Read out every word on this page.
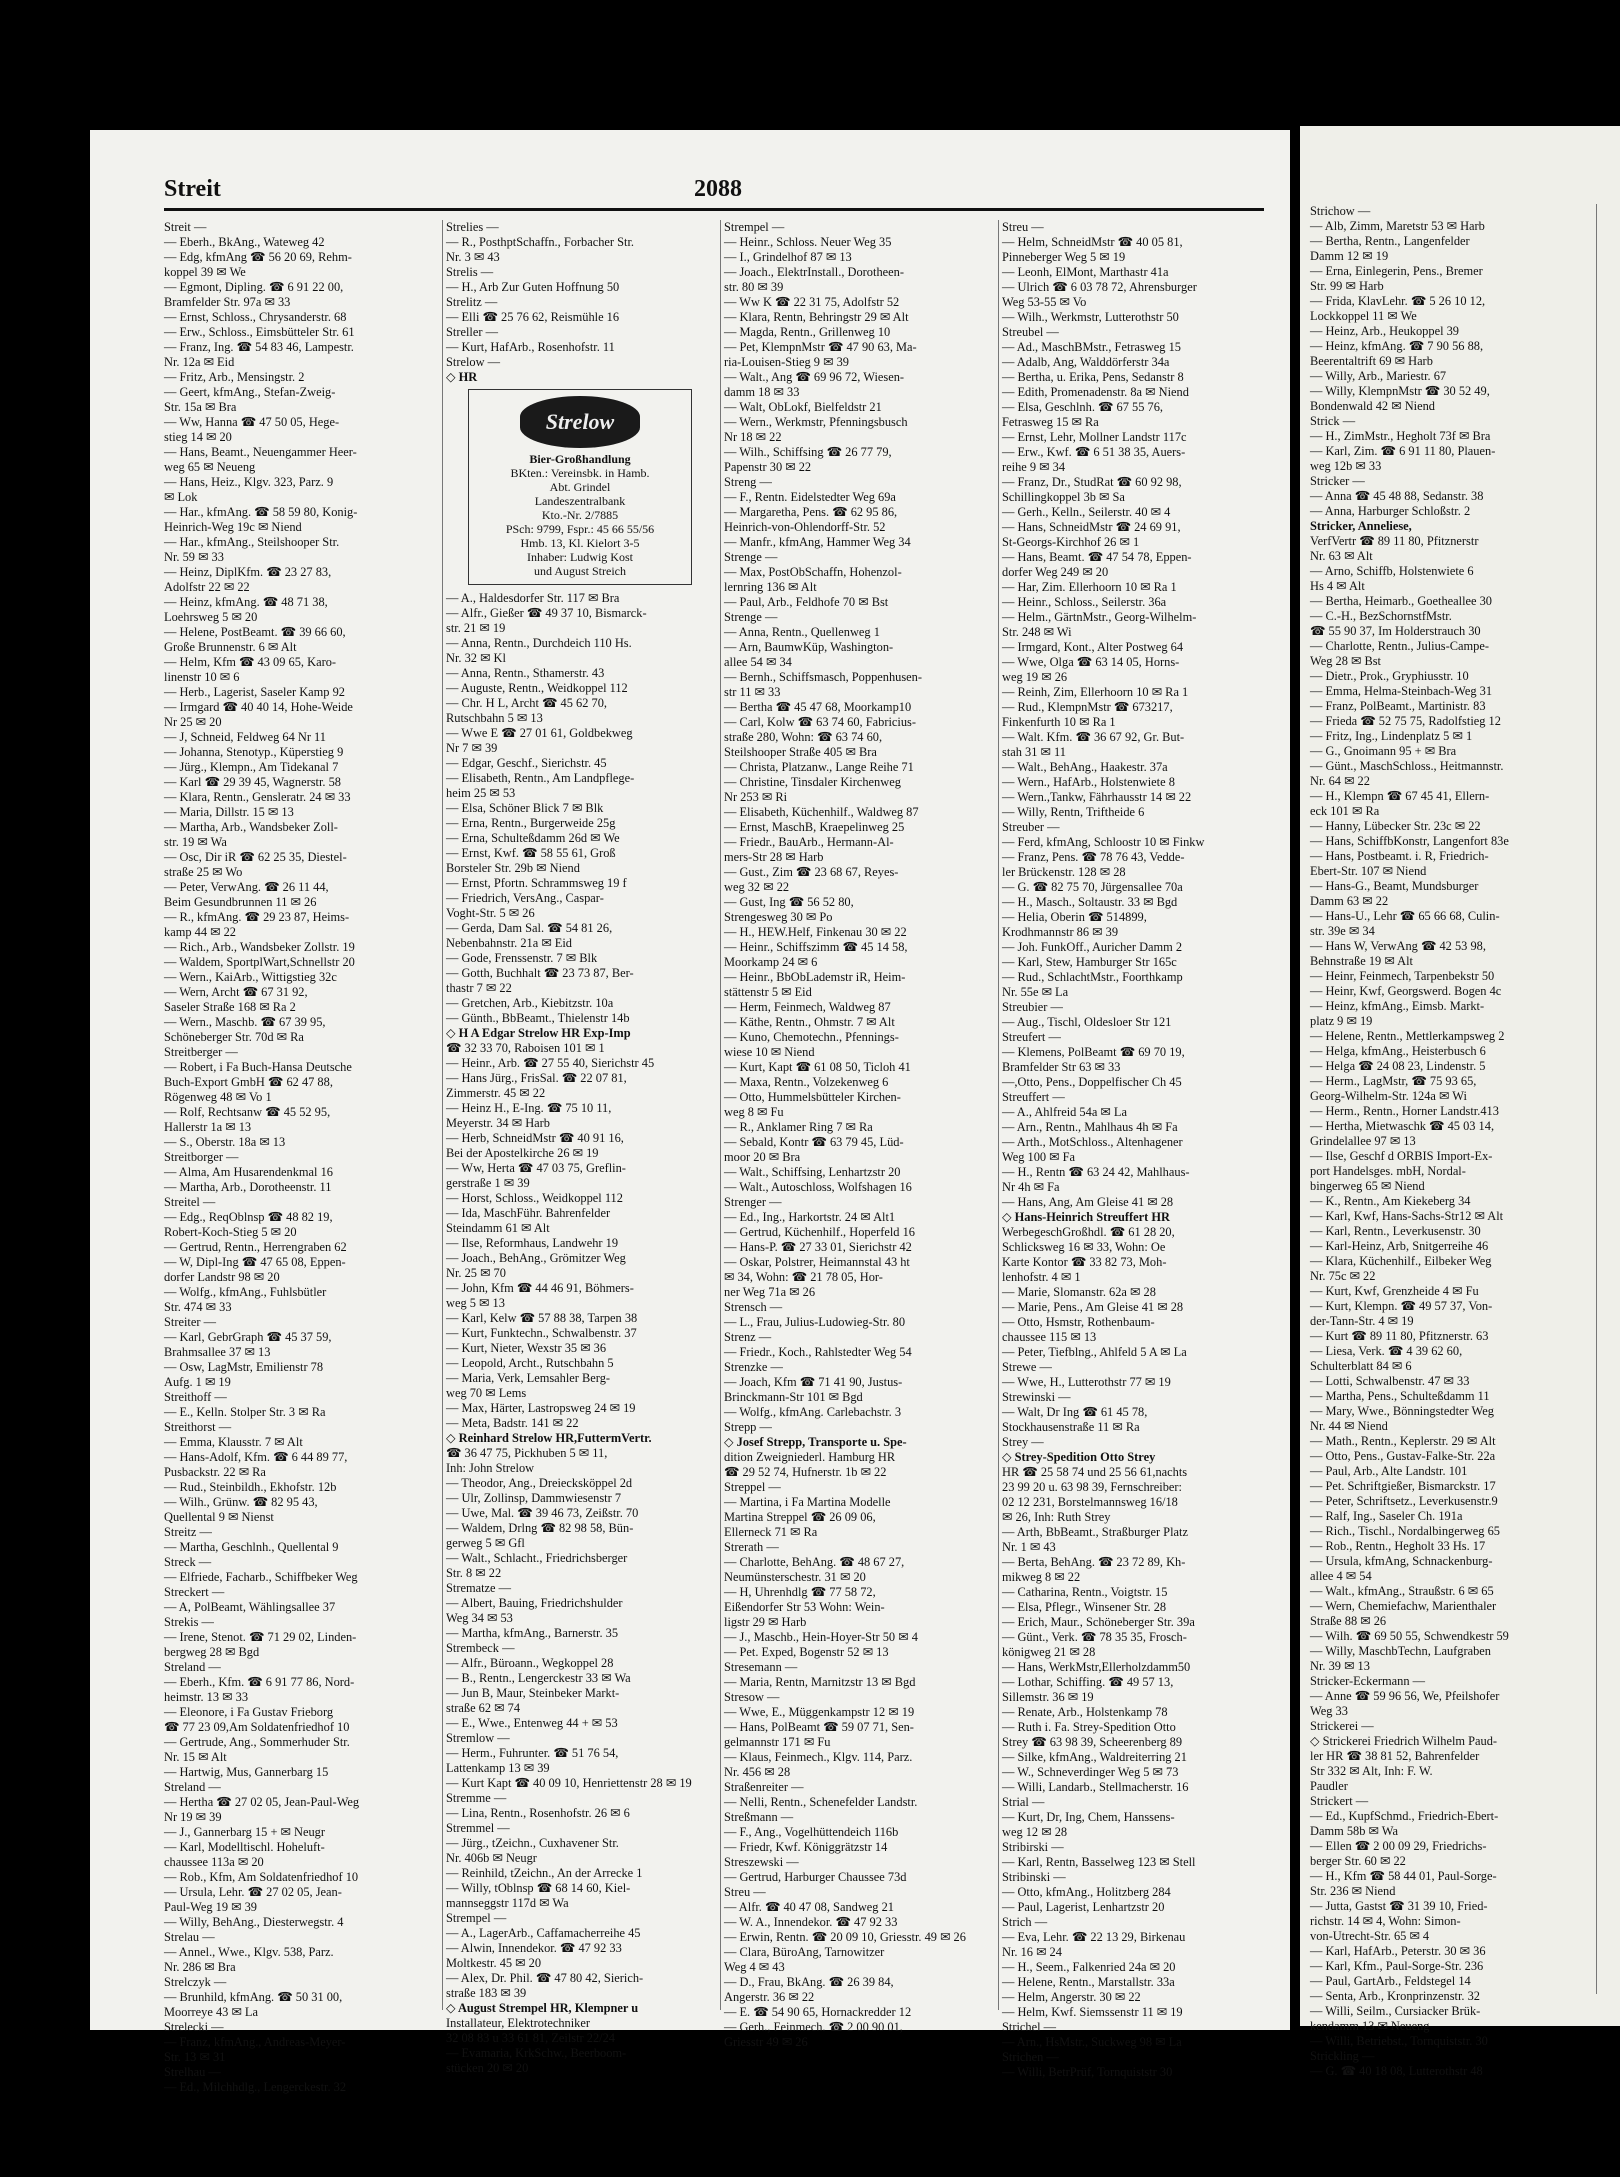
Streit	2088
Streit —
— Eberh., BkAng., Wateweg 42
— Edg, kfmAng ☎ 56 20 69, Rehm-
koppel 39 ✉ We
— Egmont, Dipling. ☎ 6 91 22 00,
Bramfelder Str. 97a ✉ 33
— Ernst, Schloss., Chrysanderstr. 68
— Erw., Schloss., Eimsbütteler Str. 61
— Franz, Ing. ☎ 54 83 46, Lampestr.
Nr. 12a ✉ Eid
— Fritz, Arb., Mensingstr. 2
— Geert, kfmAng., Stefan-Zweig-
Str. 15a ✉ Bra
— Ww, Hanna ☎ 47 50 05, Hege-
stieg 14 ✉ 20
— Hans, Beamt., Neuengammer Heer-
weg 65 ✉ Neueng
— Hans, Heiz., Klgv. 323, Parz. 9
✉ Lok
— Har., kfmAng. ☎ 58 59 80, Konig-
Heinrich-Weg 19c ✉ Niend
— Har., kfmAng., Steilshooper Str.
Nr. 59 ✉ 33
— Heinz, DiplKfm. ☎ 23 27 83,
Adolfstr 22 ✉ 22
— Heinz, kfmAng. ☎ 48 71 38,
Loehrsweg 5 ✉ 20
— Helene, PostBeamt. ☎ 39 66 60,
Große Brunnenstr. 6 ✉ Alt
— Helm, Kfm ☎ 43 09 65, Karo-
linenstr 10 ✉ 6
— Herb., Lagerist, Saseler Kamp 92
— Irmgard ☎ 40 40 14, Hohe-Weide
Nr 25 ✉ 20
— J, Schneid, Feldweg 64 Nr 11
— Johanna, Stenotyp., Küperstieg 9
— Jürg., Klempn., Am Tidekanal 7
— Karl ☎ 29 39 45, Wagnerstr. 58
— Klara, Rentn., Gensleratr. 24 ✉ 33
— Maria, Dillstr. 15 ✉ 13
— Martha, Arb., Wandsbeker Zoll-
str. 19 ✉ Wa
— Osc, Dir iR ☎ 62 25 35, Diestel-
straße 25 ✉ Wo
— Peter, VerwAng. ☎ 26 11 44,
Beim Gesundbrunnen 11 ✉ 26
— R., kfmAng. ☎ 29 23 87, Heims-
kamp 44 ✉ 22
— Rich., Arb., Wandsbeker Zollstr. 19
— Waldem, SportplWart,Schnellstr 20
— Wern., KaiArb., Wittigstieg 32c
— Wern, Archt ☎ 67 31 92,
Saseler Straße 168 ✉ Ra 2
— Wern., Maschb. ☎ 67 39 95,
Schöneberger Str. 70d ✉ Ra
Streitberger —
— Robert, i Fa Buch-Hansa Deutsche
Buch-Export GmbH ☎ 62 47 88,
Rögenweg 48 ✉ Vo 1
— Rolf, Rechtsanw ☎ 45 52 95,
Hallerstr 1a ✉ 13
— S., Oberstr. 18a ✉ 13
Streitborger —
— Alma, Am Husarendenkmal 16
— Martha, Arb., Dorotheenstr. 11
Streitel —
— Edg., ReqOblnsp ☎ 48 82 19,
Robert-Koch-Stieg 5 ✉ 20
— Gertrud, Rentn., Herrengraben 62
— W, Dipl-Ing ☎ 47 65 08, Eppen-
dorfer Landstr 98 ✉ 20
— Wolfg., kfmAng., Fuhlsbütler
Str. 474 ✉ 33
Streiter —
— Karl, GebrGraph ☎ 45 37 59,
Brahmsallee 37 ✉ 13
— Osw, LagMstr, Emilienstr 78
Aufg. 1 ✉ 19
Streithoff —
— E., Kelln. Stolper Str. 3 ✉ Ra
Streithorst —
— Emma, Klausstr. 7 ✉ Alt
— Hans-Adolf, Kfm. ☎ 6 44 89 77,
Pusbackstr. 22 ✉ Ra
— Rud., Steinbildh., Ekhofstr. 12b
— Wilh., Grünw. ☎ 82 95 43,
Quellental 9 ✉ Nienst
Streitz —
— Martha, Geschlnh., Quellental 9
Streck —
— Elfriede, Facharb., Schiffbeker Weg
Streckert —
— A, PolBeamt, Wählingsallee 37
Strekis —
— Irene, Stenot. ☎ 71 29 02, Linden-
bergweg 28 ✉ Bgd
Streland —
— Eberh., Kfm. ☎ 6 91 77 86, Nord-
heimstr. 13 ✉ 33
— Eleonore, i Fa Gustav Frieborg
☎ 77 23 09,Am Soldatenfriedhof 10
— Gertrude, Ang., Sommerhuder Str.
Nr. 15 ✉ Alt
— Hartwig, Mus, Gannerbarg 15
Streland —
— Hertha ☎ 27 02 05, Jean-Paul-Weg
Nr 19 ✉ 39
— J., Gannerbarg 15 + ✉ Neugr
— Karl, Modelltischl. Hoheluft-
chaussee 113a ✉ 20
— Rob., Kfm, Am Soldatenfriedhof 10
— Ursula, Lehr. ☎ 27 02 05, Jean-
Paul-Weg 19 ✉ 39
— Willy, BehAng., Diesterwegstr. 4
Strelau —
— Annel., Wwe., Klgv. 538, Parz.
Nr. 286 ✉ Bra
Strelczyk —
— Brunhild, kfmAng. ☎ 50 31 00,
Moorreye 43 ✉ La
Strelecki —
— Franz, kfmAng., Andreas-Meyer-
Str. 13 ✉ 31
Strelhau —
— Ed., Milchhdlg., Lengerckestr. 32
Strelies —
— R., PosthptSchaffn., Forbacher Str.
Nr. 3 ✉ 43
Strelis —
— H., Arb Zur Guten Hoffnung 50
Strelitz —
— Elli ☎ 25 76 62, Reismühle 16
Streller —
— Kurt, HafArb., Rosenhofstr. 11
Strelow —
◇ HR
Strelow
Bier-Großhandlung
BKten.: Vereinsbk. in Hamb.
Abt. Grindel
Landeszentralbank
Kto.-Nr. 2/7885
PSch: 9799, Fspr.: 45 66 55/56
Hmb. 13, Kl. Kielort 3-5
Inhaber: Ludwig Kost
und August Streich
— A., Haldesdorfer Str. 117 ✉ Bra
— Alfr., Gießer ☎ 49 37 10, Bismarck-
str. 21 ✉ 19
— Anna, Rentn., Durchdeich 110 Hs.
Nr. 32 ✉ Kl
— Anna, Rentn., Sthamerstr. 43
— Auguste, Rentn., Weidkoppel 112
— Chr. H L, Archt ☎ 45 62 70,
Rutschbahn 5 ✉ 13
— Wwe E ☎ 27 01 61, Goldbekweg
Nr 7 ✉ 39
— Edgar, Geschf., Sierichstr. 45
— Elisabeth, Rentn., Am Landpflege-
heim 25 ✉ 53
— Elsa, Schöner Blick 7 ✉ Blk
— Erna, Rentn., Burgerweide 25g
— Erna, Schulteßdamm 26d ✉ We
— Ernst, Kwf. ☎ 58 55 61, Groß
Borsteler Str. 29b ✉ Niend
— Ernst, Pfortn. Schrammsweg 19 f
— Friedrich, VersAng., Caspar-
Voght-Str. 5 ✉ 26
— Gerda, Dam Sal. ☎ 54 81 26,
Nebenbahnstr. 21a ✉ Eid
— Gode, Frenssenstr. 7 ✉ Blk
— Gotth, Buchhalt ☎ 23 73 87, Ber-
thastr 7 ✉ 22
— Gretchen, Arb., Kiebitzstr. 10a
— Günth., BbBeamt., Thielenstr 14b
◇ H A Edgar Strelow HR Exp-Imp
☎ 32 33 70, Raboisen 101 ✉ 1
— Heinr., Arb. ☎ 27 55 40, Sierichstr 45
— Hans Jürg., FrisSal. ☎ 22 07 81,
Zimmerstr. 45 ✉ 22
— Heinz H., E-Ing. ☎ 75 10 11,
Meyerstr. 34 ✉ Harb
— Herb, SchneidMstr ☎ 40 91 16,
Bei der Apostelkirche 26 ✉ 19
— Ww, Herta ☎ 47 03 75, Greflin-
gerstraße 1 ✉ 39
— Horst, Schloss., Weidkoppel 112
— Ida, MaschFühr. Bahrenfelder
Steindamm 61 ✉ Alt
— Ilse, Reformhaus, Landwehr 19
— Joach., BehAng., Grömitzer Weg
Nr. 25 ✉ 70
— John, Kfm ☎ 44 46 91, Böhmers-
weg 5 ✉ 13
— Karl, Kelw ☎ 57 88 38, Tarpen 38
— Kurt, Funktechn., Schwalbenstr. 37
— Kurt, Nieter, Wexstr 35 ✉ 36
— Leopold, Archt., Rutschbahn 5
— Maria, Verk, Lemsahler Berg-
weg 70 ✉ Lems
— Max, Härter, Lastropsweg 24 ✉ 19
— Meta, Badstr. 141 ✉ 22
◇ Reinhard Strelow HR,FuttermVertr.
☎ 36 47 75, Pickhuben 5 ✉ 11,
Inh: John Strelow
— Theodor, Ang., Dreiecksköppel 2d
— Ulr, Zollinsp, Dammwiesenstr 7
— Uwe, Mal. ☎ 39 46 73, Zeißstr. 70
— Waldem, Drlng ☎ 82 98 58, Bün-
gerweg 5 ✉ Gfl
— Walt., Schlacht., Friedrichsberger
Str. 8 ✉ 22
Strematze —
— Albert, Bauing, Friedrichshulder
Weg 34 ✉ 53
— Martha, kfmAng., Barnerstr. 35
Strembeck —
— Alfr., Büroann., Wegkoppel 28
— B., Rentn., Lengerckestr 33 ✉ Wa
— Jun B, Maur, Steinbeker Markt-
straße 62 ✉ 74
— E., Wwe., Entenweg 44 + ✉ 53
Stremlow —
— Herm., Fuhrunter. ☎ 51 76 54,
Lattenkamp 13 ✉ 39
— Kurt Kapt ☎ 40 09 10, Henriettenstr 28 ✉ 19
Stremme —
— Lina, Rentn., Rosenhofstr. 26 ✉ 6
Stremmel —
— Jürg., tZeichn., Cuxhavener Str.
Nr. 406b ✉ Neugr
— Reinhild, tZeichn., An der Arrecke 1
— Willy, tOblnsp ☎ 68 14 60, Kiel-
mannseggstr 117d ✉ Wa
Strempel —
— A., LagerArb., Caffamacherreihe 45
— Alwin, Innendekor. ☎ 47 92 33
Moltkestr. 45 ✉ 20
— Alex, Dr. Phil. ☎ 47 80 42, Sierich-
straße 183 ✉ 39
◇ August Strempel HR, Klempner u
Installateur, Elektrotechniker
32 08 83 u 33 61 81, Zeilstr 22/24
— Evamaria, KrkSchw., Beerboom-
stücken 20 ✉ 20
Strempel —
— Heinr., Schloss. Neuer Weg 35
— I., Grindelhof 87 ✉ 13
— Joach., ElektrInstall., Dorotheen-
str. 80 ✉ 39
— Ww K ☎ 22 31 75, Adolfstr 52
— Klara, Rentn, Behringstr 29 ✉ Alt
— Magda, Rentn., Grillenweg 10
— Pet, KlempnMstr ☎ 47 90 63, Ma-
ria-Louisen-Stieg 9 ✉ 39
— Walt., Ang ☎ 69 96 72, Wiesen-
damm 18 ✉ 33
— Walt, ObLokf, Bielfeldstr 21
— Wern., Werkmstr, Pfenningsbusch
Nr 18 ✉ 22
— Wilh., Schiffsing ☎ 26 77 79,
Papenstr 30 ✉ 22
Streng —
— F., Rentn. Eidelstedter Weg 69a
— Margaretha, Pens. ☎ 62 95 86,
Heinrich-von-Ohlendorff-Str. 52
— Manfr., kfmAng, Hammer Weg 34
Strenge —
— Max, PostObSchaffn, Hohenzol-
lernring 136 ✉ Alt
— Paul, Arb., Feldhofe 70 ✉ Bst
Strenge —
— Anna, Rentn., Quellenweg 1
— Arn, BaumwKüp, Washington-
allee 54 ✉ 34
— Bernh., Schiffsmasch, Poppenhusen-
str 11 ✉ 33
— Bertha ☎ 45 47 68, Moorkamp10
— Carl, Kolw ☎ 63 74 60, Fabricius-
straße 280, Wohn: ☎ 63 74 60,
Steilshooper Straße 405 ✉ Bra
— Christa, Platzanw., Lange Reihe 71
— Christine, Tinsdaler Kirchenweg
Nr 253 ✉ Ri
— Elisabeth, Küchenhilf., Waldweg 87
— Ernst, MaschB, Kraepelinweg 25
— Friedr., BauArb., Hermann-Al-
mers-Str 28 ✉ Harb
— Gust., Zim ☎ 23 68 67, Reyes-
weg 32 ✉ 22
— Gust, Ing ☎ 56 52 80,
Strengesweg 30 ✉ Po
— H., HEW.Helf, Finkenau 30 ✉ 22
— Heinr., Schiffszimm ☎ 45 14 58,
Moorkamp 24 ✉ 6
— Heinr., BbObLademstr iR, Heim-
stättenstr 5 ✉ Eid
— Herm, Feinmech, Waldweg 87
— Käthe, Rentn., Ohmstr. 7 ✉ Alt
— Kuno, Chemotechn., Pfennings-
wiese 10 ✉ Niend
— Kurt, Kapt ☎ 61 08 50, Ticloh 41
— Maxa, Rentn., Volzekenweg 6
— Otto, Hummelsbütteler Kirchen-
weg 8 ✉ Fu
— R., Anklamer Ring 7 ✉ Ra
— Sebald, Kontr ☎ 63 79 45, Lüd-
moor 20 ✉ Bra
— Walt., Schiffsing, Lenhartzstr 20
— Walt., Autoschloss, Wolfshagen 16
Strenger —
— Ed., Ing., Harkortstr. 24 ✉ Alt1
— Gertrud, Küchenhilf., Hoperfeld 16
— Hans-P. ☎ 27 33 01, Sierichstr 42
— Oskar, Polstrer, Heimannstal 43 ht
✉ 34, Wohn: ☎ 21 78 05, Hor-
ner Weg 71a ✉ 26
Strensch —
— L., Frau, Julius-Ludowieg-Str. 80
Strenz —
— Friedr., Koch., Rahlstedter Weg 54
Strenzke —
— Joach, Kfm ☎ 71 41 90, Justus-
Brinckmann-Str 101 ✉ Bgd
— Wolfg., kfmAng. Carlebachstr. 3
Strepp —
◇ Josef Strepp, Transporte u. Spe-
dition Zweigniederl. Hamburg HR
☎ 29 52 74, Hufnerstr. 1b ✉ 22
Streppel —
— Martina, i Fa Martina Modelle
Martina Streppel ☎ 26 09 06,
Ellerneck 71 ✉ Ra
Strerath —
— Charlotte, BehAng. ☎ 48 67 27,
Neumünsterschestr. 31 ✉ 20
— H, Uhrenhdlg ☎ 77 58 72,
Eißendorfer Str 53 Wohn: Wein-
ligstr 29 ✉ Harb
— J., Maschb., Hein-Hoyer-Str 50 ✉ 4
— Pet. Exped, Bogenstr 52 ✉ 13
Stresemann —
— Maria, Rentn, Marnitzstr 13 ✉ Bgd
Stresow —
— Wwe, E., Müggenkampstr 12 ✉ 19
— Hans, PolBeamt ☎ 59 07 71, Sen-
gelmannstr 171 ✉ Fu
— Klaus, Feinmech., Klgv. 114, Parz.
Nr. 456 ✉ 28
Straßenreiter —
— Nelli, Rentn., Schenefelder Landstr.
Streßmann —
— F., Ang., Vogelhüttendeich 116b
— Friedr, Kwf. Königgrätzstr 14
Streszewski —
— Gertrud, Harburger Chaussee 73d
Streu —
— Alfr. ☎ 40 47 08, Sandweg 21
— W. A., Innendekor. ☎ 47 92 33
— Erwin, Rentn. ☎ 20 09 10, Griesstr. 49 ✉ 26
— Clara, BüroAng, Tarnowitzer
Weg 4 ✉ 43
— D., Frau, BkAng. ☎ 26 39 84,
Angerstr. 36 ✉ 22
— E. ☎ 54 90 65, Hornackredder 12
— Gerh., Feinmech. ☎ 2 00 90 01,
Griesstr 49 ✉ 26
Streu —
— Helm, SchneidMstr ☎ 40 05 81,
Pinneberger Weg 5 ✉ 19
— Leonh, ElMont, Marthastr 41a
— Ulrich ☎ 6 03 78 72, Ahrensburger
Weg 53-55 ✉ Vo
— Wilh., Werkmstr, Lutterothstr 50
Streubel —
— Ad., MaschBMstr., Fetrasweg 15
— Adalb, Ang, Walddörferstr 34a
— Bertha, u. Erika, Pens, Sedanstr 8
— Edith, Promenadenstr. 8a ✉ Niend
— Elsa, Geschlnh. ☎ 67 55 76,
Fetrasweg 15 ✉ Ra
— Ernst, Lehr, Mollner Landstr 117c
— Erw., Kwf. ☎ 6 51 38 35, Auers-
reihe 9 ✉ 34
— Franz, Dr., StudRat ☎ 60 92 98,
Schillingkoppel 3b ✉ Sa
— Gerh., Kelln., Seilerstr. 40 ✉ 4
— Hans, SchneidMstr ☎ 24 69 91,
St-Georgs-Kirchhof 26 ✉ 1
— Hans, Beamt. ☎ 47 54 78, Eppen-
dorfer Weg 249 ✉ 20
— Har, Zim. Ellerhoorn 10 ✉ Ra 1
— Heinr., Schloss., Seilerstr. 36a
— Helm., GärtnMstr., Georg-Wilhelm-
Str. 248 ✉ Wi
— Irmgard, Kont., Alter Postweg 64
— Wwe, Olga ☎ 63 14 05, Horns-
weg 19 ✉ 26
— Reinh, Zim, Ellerhoorn 10 ✉ Ra 1
— Rud., KlempnMstr ☎ 673217,
Finkenfurth 10 ✉ Ra 1
— Walt. Kfm. ☎ 36 67 92, Gr. But-
stah 31 ✉ 11
— Walt., BehAng., Haakestr. 37a
— Wern., HafArb., Holstenwiete 8
— Wern.,Tankw, Fährhausstr 14 ✉ 22
— Willy, Rentn, Triftheide 6
Streuber —
— Ferd, kfmAng, Schloostr 10 ✉ Finkw
— Franz, Pens. ☎ 78 76 43, Vedde-
ler Brückenstr. 128 ✉ 28
— G. ☎ 82 75 70, Jürgensallee 70a
— H., Masch., Soltaustr. 33 ✉ Bgd
— Helia, Oberin ☎ 514899,
Krodhmannstr 86 ✉ 39
— Joh. FunkOff., Auricher Damm 2
— Karl, Stew, Hamburger Str 165c
— Rud., SchlachtMstr., Foorthkamp
Nr. 55e ✉ La
Streubier —
— Aug., Tischl, Oldesloer Str 121
Streufert —
— Klemens, PolBeamt ☎ 69 70 19,
Bramfelder Str 63 ✉ 33
—,Otto, Pens., Doppelfischer Ch 45
Streuffert —
— A., Ahlfreid 54a ✉ La
— Arn., Rentn., Mahlhaus 4h ✉ Fa
— Arth., MotSchloss., Altenhagener
Weg 100 ✉ Fa
— H., Rentn ☎ 63 24 42, Mahlhaus-
Nr 4h ✉ Fa
— Hans, Ang, Am Gleise 41 ✉ 28
◇ Hans-Heinrich Streuffert HR
WerbegeschGroßhdl. ☎ 61 28 20,
Schlicksweg 16 ✉ 33, Wohn: Oe
Karte Kontor ☎ 33 82 73, Moh-
lenhofstr. 4 ✉ 1
— Marie, Slomanstr. 62a ✉ 28
— Marie, Pens., Am Gleise 41 ✉ 28
— Otto, Hsmstr, Rothenbaum-
chaussee 115 ✉ 13
— Peter, Tiefblng., Ahlfeld 5 A ✉ La
Strewe —
— Wwe, H., Lutterothstr 77 ✉ 19
Strewinski —
— Walt, Dr Ing ☎ 61 45 78,
Stockhausenstraße 11 ✉ Ra
Strey —
◇ Strey-Spedition Otto Strey
HR ☎ 25 58 74 und 25 56 61,nachts
23 99 20 u. 63 98 39, Fernschreiber:
02 12 231, Borstelmannsweg 16/18
✉ 26, Inh: Ruth Strey
— Arth, BbBeamt., Straßburger Platz
Nr. 1 ✉ 43
— Berta, BehAng. ☎ 23 72 89, Kh-
mikweg 8 ✉ 22
— Catharina, Rentn., Voigtstr. 15
— Elsa, Pflegr., Winsener Str. 28
— Erich, Maur., Schöneberger Str. 39a
— Günt., Verk. ☎ 78 35 35, Frosch-
königweg 21 ✉ 28
— Hans, WerkMstr,Ellerholzdamm50
— Lothar, Schiffing. ☎ 49 57 13,
Sillemstr. 36 ✉ 19
— Renate, Arb., Holstenkamp 78
— Ruth i. Fa. Strey-Spedition Otto
Strey ☎ 63 98 39, Scheerenberg 89
— Silke, kfmAng., Waldreiterring 21
— W., Schneverdinger Weg 5 ✉ 73
— Willi, Landarb., Stellmacherstr. 16
Strial —
— Kurt, Dr, Ing, Chem, Hanssens-
weg 12 ✉ 28
Stribirski —
— Karl, Rentn, Basselweg 123 ✉ Stell
Stribinski —
— Otto, kfmAng., Holitzberg 284
— Paul, Lagerist, Lenhartzstr 20
Strich —
— Eva, Lehr. ☎ 22 13 29, Birkenau
Nr. 16 ✉ 24
— H., Seem., Falkenried 24a ✉ 20
— Helene, Rentn., Marstallstr. 33a
— Helm, Angerstr. 30 ✉ 22
— Helm, Kwf. Siemssenstr 11 ✉ 19
Strichel —
— Arn., HsMstr., Suckweg 98 ✉ La
Strichen —
— Willi, BetrPrüf, Tornquiststr 30
Strichow —
— Alb, Zimm, Maretstr 53 ✉ Harb
— Bertha, Rentn., Langenfelder
Damm 12 ✉ 19
— Erna, Einlegerin, Pens., Bremer
Str. 99 ✉ Harb
— Frida, KlavLehr. ☎ 5 26 10 12,
Lockkoppel 11 ✉ We
— Heinz, Arb., Heukoppel 39
— Heinz, kfmAng. ☎ 7 90 56 88,
Beerentaltrift 69 ✉ Harb
— Willy, Arb., Mariestr. 67
— Willy, KlempnMstr ☎ 30 52 49,
Bondenwald 42 ✉ Niend
Strick —
— H., ZimMstr., Hegholt 73f ✉ Bra
— Karl, Zim. ☎ 6 91 11 80, Plauen-
weg 12b ✉ 33
Stricker —
— Anna ☎ 45 48 88, Sedanstr. 38
— Anna, Harburger Schloßstr. 2
Stricker, Anneliese,
VerfVertr ☎ 89 11 80, Pfitznerstr
Nr. 63 ✉ Alt
— Arno, Schiffb, Holstenwiete 6
Hs 4 ✉ Alt
— Bertha, Heimarb., Goetheallee 30
— C.-H., BezSchornstfMstr.
☎ 55 90 37, Im Holderstrauch 30
— Charlotte, Rentn., Julius-Campe-
Weg 28 ✉ Bst
— Dietr., Prok., Gryphiusstr. 10
— Emma, Helma-Steinbach-Weg 31
— Franz, PolBeamt., Martinistr. 83
— Frieda ☎ 52 75 75, Radolfstieg 12
— Fritz, Ing., Lindenplatz 5 ✉ 1
— G., Gnoimann 95 + ✉ Bra
— Günt., MaschSchloss., Heitmannstr.
Nr. 64 ✉ 22
— H., Klempn ☎ 67 45 41, Ellern-
eck 101 ✉ Ra
— Hanny, Lübecker Str. 23c ✉ 22
— Hans, SchiffbKonstr, Langenfort 83e
— Hans, Postbeamt. i. R, Friedrich-
Ebert-Str. 107 ✉ Niend
— Hans-G., Beamt, Mundsburger
Damm 63 ✉ 22
— Hans-U., Lehr ☎ 65 66 68, Culin-
str. 39e ✉ 34
— Hans W, VerwAng ☎ 42 53 98,
Behnstraße 19 ✉ Alt
— Heinr, Feinmech, Tarpenbekstr 50
— Heinr, Kwf, Georgswerd. Bogen 4c
— Heinz, kfmAng., Eimsb. Markt-
platz 9 ✉ 19
— Helene, Rentn., Mettlerkampsweg 2
— Helga, kfmAng., Heisterbusch 6
— Helga ☎ 24 08 23, Lindenstr. 5
— Herm., LagMstr, ☎ 75 93 65,
Georg-Wilhelm-Str. 124a ✉ Wi
— Herm., Rentn., Horner Landstr.413
— Hertha, Mietwaschk ☎ 45 03 14,
Grindelallee 97 ✉ 13
— Ilse, Geschf d ORBIS Import-Ex-
port Handelsges. mbH, Nordal-
bingerweg 65 ✉ Niend
— K., Rentn., Am Kiekeberg 34
— Karl, Kwf, Hans-Sachs-Str12 ✉ Alt
— Karl, Rentn., Leverkusenstr. 30
— Karl-Heinz, Arb, Snitgerreihe 46
— Klara, Küchenhilf., Eilbeker Weg
Nr. 75c ✉ 22
— Kurt, Kwf, Grenzheide 4 ✉ Fu
— Kurt, Klempn. ☎ 49 57 37, Von-
der-Tann-Str. 4 ✉ 19
— Kurt ☎ 89 11 80, Pfitznerstr. 63
— Liesa, Verk. ☎ 4 39 62 60,
Schulterblatt 84 ✉ 6
— Lotti, Schwalbenstr. 47 ✉ 33
— Martha, Pens., Schulteßdamm 11
— Mary, Wwe., Bönningstedter Weg
Nr. 44 ✉ Niend
— Math., Rentn., Keplerstr. 29 ✉ Alt
— Otto, Pens., Gustav-Falke-Str. 22a
— Paul, Arb., Alte Landstr. 101
— Pet. Schriftgießer, Bismarckstr. 17
— Peter, Schriftsetz., Leverkusenstr.9
— Ralf, Ing., Saseler Ch. 191a
— Rich., Tischl., Nordalbingerweg 65
— Rob., Rentn., Hegholt 33 Hs. 17
— Ursula, kfmAng, Schnackenburg-
allee 4 ✉ 54
— Walt., kfmAng., Straußstr. 6 ✉ 65
— Wern, Chemiefachw, Marienthaler
Straße 88 ✉ 26
— Wilh. ☎ 69 50 55, Schwendkestr 59
— Willy, MaschbTechn, Laufgraben
Nr. 39 ✉ 13
Stricker-Eckermann —
— Anne ☎ 59 96 56, We, Pfeilshofer
Weg 33
Strickerei —
◇ Strickerei Friedrich Wilhelm Paud-
ler HR ☎ 38 81 52, Bahrenfelder
Str 332 ✉ Alt, Inh: F. W.
Paudler
Strickert —
— Ed., KupfSchmd., Friedrich-Ebert-
Damm 58b ✉ Wa
— Ellen ☎ 2 00 09 29, Friedrichs-
berger Str. 60 ✉ 22
— H., Kfm ☎ 58 44 01, Paul-Sorge-
Str. 236 ✉ Niend
— Jutta, Gastst ☎ 31 39 10, Fried-
richstr. 14 ✉ 4, Wohn: Simon-
von-Utrecht-Str. 65 ✉ 4
— Karl, HafArb., Peterstr. 30 ✉ 36
— Karl, Kfm., Paul-Sorge-Str. 236
— Paul, GartArb., Feldstegel 14
— Senta, Arb., Kronprinzenstr. 32
— Willi, Seilm., Cursiacker Brük-
kendamm 13 ✉ Neueng
— Willi, Betriebst., Tornquiststr. 30
Strickling —
— G. ☎ 40 18 08, Lutterothstr 48
